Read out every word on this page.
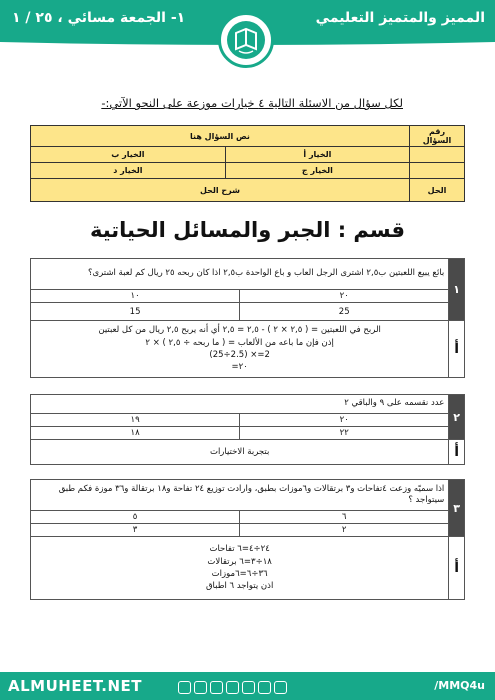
المميز والمتميز التعليمي
١- الجمعة مسائي ، ٢٥ / ١
لكل سؤال من الاسئلة التالية ٤ خيارات موزعة على النحو الآتي:-
رقم السؤال	نص السؤال هنا	
	الخيار أ	الخيار ب
	الخيار ج	الخيار د
الحل	شرح الحل	
قسم : الجبر والمسائل الحياتية
١	بائع يبيع اللعبتين ب٢,٥ اشترى الرجل العاب و باع الواحدة ب٢,٥ اذا كان ربحه ٢٥ ريال كم لعبة اشترى؟	
	٢٠	١٠
	25	15
أ	الربح في اللعبتين = ( ٢,٥ × ٢ ) - ٢,٥ = ٢,٥ أي أنه يربح ٢,٥ ريال من كل لعبتين
إذن فإن ما باعه من الألعاب = ( ما ربحه ÷ ٢,٥ ) × ٢
2=× (2.5÷25)
٢٠=	
٢	عدد نقسمه على ٩ والباقي ٢	
	٢٠	١٩
	٢٢	١٨
أ	بتجربة الاختيارات	
٣	اذا سميّه وزعت ٤تفاحات و٣ برتقالات و٦موزات بطبق، وارادت توزيع ٢٤ تفاحة و١٨ برتقالة و٣٦ موزة فكم طبق سيتواجد ؟	
	٦	٥
	٢	٣
أ	٢٤÷٤=٦ تفاحات
١٨÷٣=٦ برتقالات
٣٦÷٦=٦موزات
اذن يتواجد ٦ اطباق	
ALMUHEET.NET	/MMQ4u
